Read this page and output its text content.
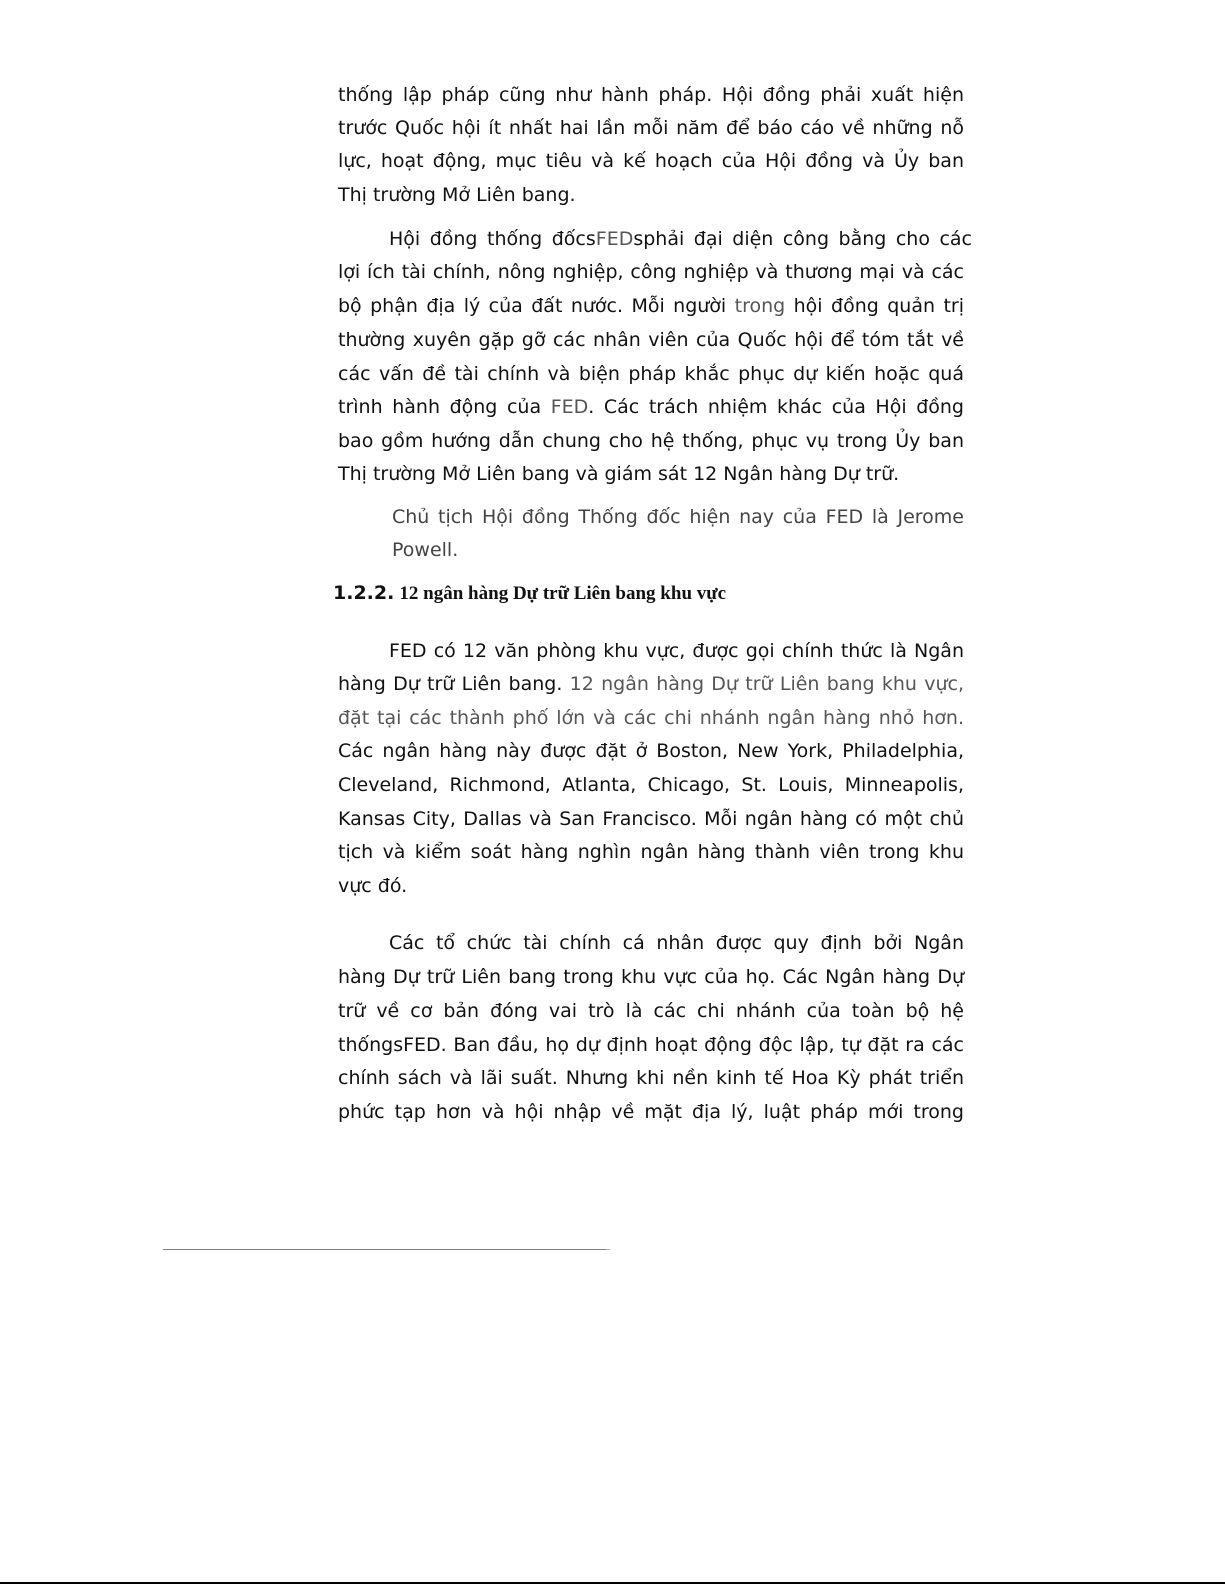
1.2.2. 12 ngân hàng Dự trữ Liên bang khu vực
thống lập pháp cũng như hành pháp. Hội đồng phải xuất hiện
trước Quốc hội ít nhất hai lần mỗi năm để báo cáo về những nỗ
lực, hoạt động, mục tiêu và kế hoạch của Hội đồng và Ủy ban
Thị trường Mở Liên bang.
Hội đồng thống đốcsFEDsphải đại diện công bằng cho các
lợi ích tài chính, nông nghiệp, công nghiệp và thương mại và các
bộ phận địa lý của đất nước. Mỗi người trong hội đồng quản trị
thường xuyên gặp gỡ các nhân viên của Quốc hội để tóm tắt về
các vấn đề tài chính và biện pháp khắc phục dự kiến hoặc quá
trình hành động của FED. Các trách nhiệm khác của Hội đồng
bao gồm hướng dẫn chung cho hệ thống, phục vụ trong Ủy ban
Thị trường Mở Liên bang và giám sát 12 Ngân hàng Dự trữ.
Chủ tịch Hội đồng Thống đốc hiện nay của FED là Jerome
Powell.
FED có 12 văn phòng khu vực, được gọi chính thức là Ngân
hàng Dự trữ Liên bang. 12 ngân hàng Dự trữ Liên bang khu vực,
đặt tại các thành phố lớn và các chi nhánh ngân hàng nhỏ hơn.
Các ngân hàng này được đặt ở Boston, New York, Philadelphia,
Cleveland, Richmond, Atlanta, Chicago, St. Louis, Minneapolis,
Kansas City, Dallas và San Francisco. Mỗi ngân hàng có một chủ
tịch và kiểm soát hàng nghìn ngân hàng thành viên trong khu
vực đó.
Các tổ chức tài chính cá nhân được quy định bởi Ngân
hàng Dự trữ Liên bang trong khu vực của họ. Các Ngân hàng Dự
trữ về cơ bản đóng vai trò là các chi nhánh của toàn bộ hệ
thốngsFED. Ban đầu, họ dự định hoạt động độc lập, tự đặt ra các
chính sách và lãi suất. Nhưng khi nền kinh tế Hoa Kỳ phát triển
phức tạp hơn và hội nhập về mặt địa lý, luật pháp mới trong
